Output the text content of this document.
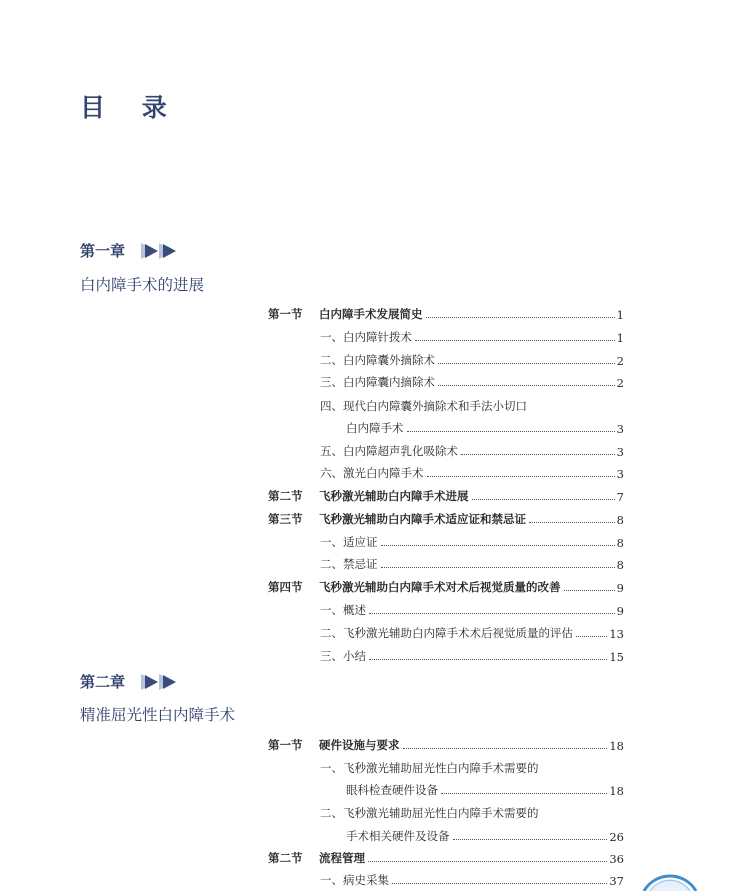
目 录
第一章
白内障手术的进展
第一节 白内障手术发展简史	1
一、白内障针拨术	1
二、白内障囊外摘除术	2
三、白内障囊内摘除术	2
四、现代白内障囊外摘除术和手法小切口
白内障手术	3
五、白内障超声乳化吸除术	3
六、激光白内障手术	3
第二节 飞秒激光辅助白内障手术进展	7
第三节 飞秒激光辅助白内障手术适应证和禁忌证	8
一、适应证	8
二、禁忌证	8
第四节 飞秒激光辅助白内障手术对术后视觉质量的改善	9
一、概述	9
二、飞秒激光辅助白内障手术术后视觉质量的评估	13
三、小结	15
第二章
精准屈光性白内障手术
第一节 硬件设施与要求	18
一、飞秒激光辅助屈光性白内障手术需要的
眼科检查硬件设备	18
二、飞秒激光辅助屈光性白内障手术需要的
手术相关硬件及设备	26
第二节 流程管理	36
一、病史采集	37
